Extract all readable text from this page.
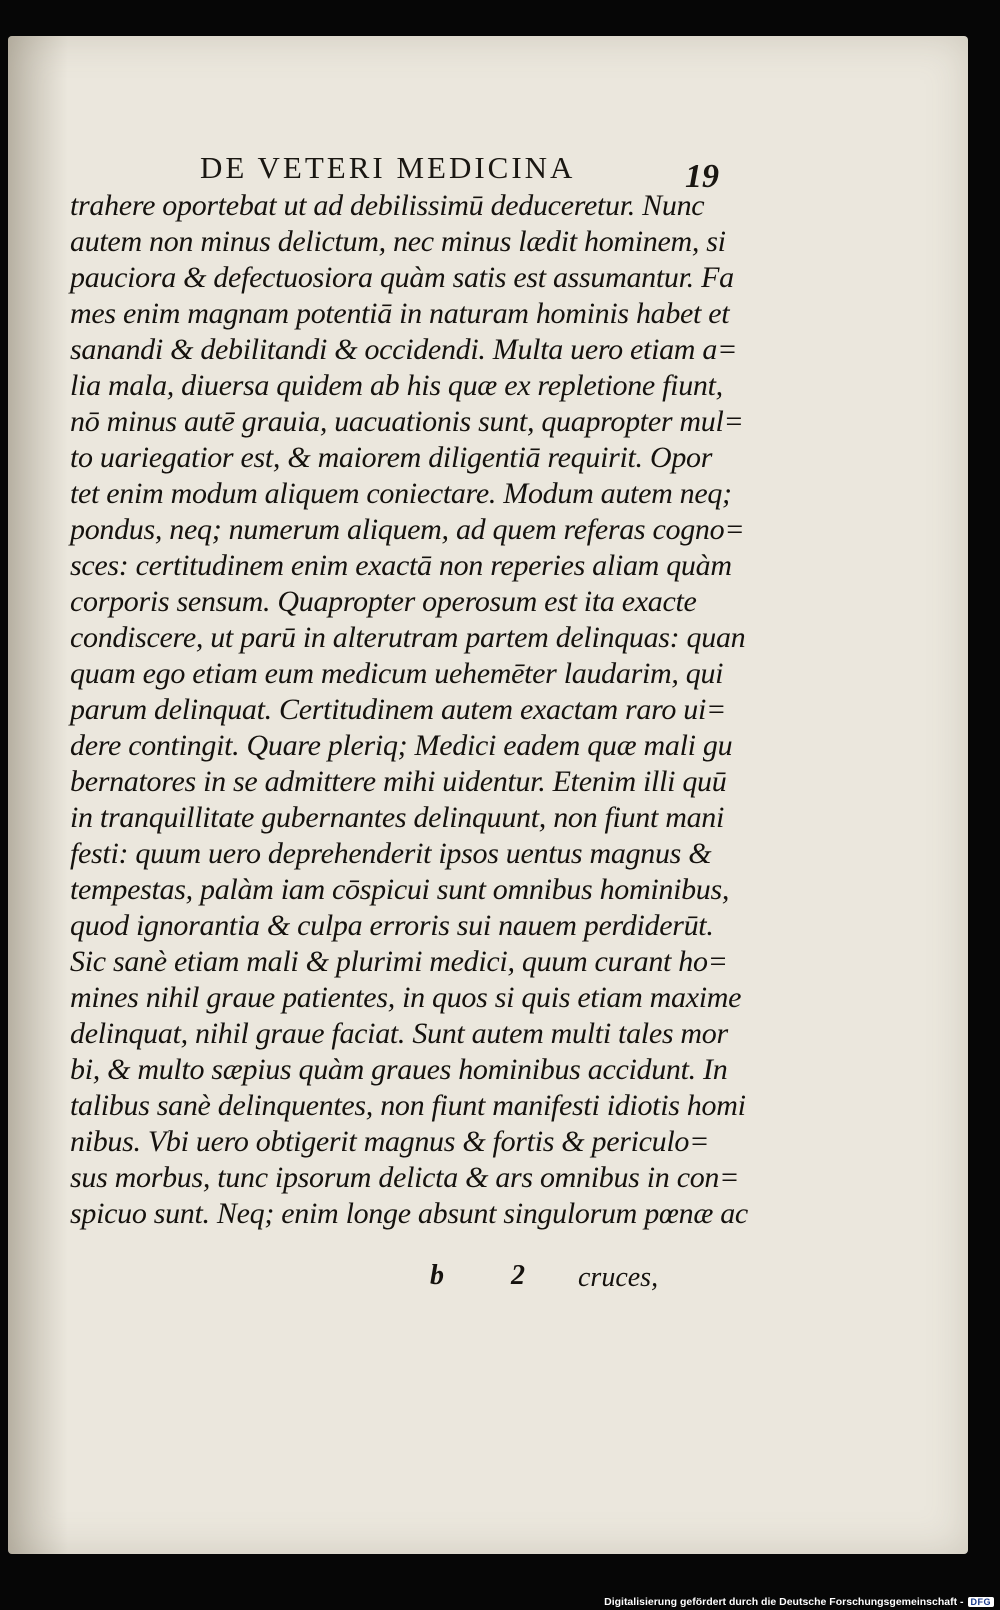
DE VETERI MEDICINA	19
trahere oportebat ut ad debilissimū deduceretur. Nunc
autem non minus delictum, nec minus lædit hominem, si
pauciora & defectuosiora quàm satis est assumantur. Fa
mes enim magnam potentiā in naturam hominis habet et
sanandi & debilitandi & occidendi. Multa uero etiam a=
lia mala, diuersa quidem ab his quæ ex repletione fiunt,
nō minus autē grauia, uacuationis sunt, quapropter mul=
to uariegatior est, & maiorem diligentiā requirit. Opor
tet enim modum aliquem coniectare. Modum autem neq;
pondus, neq; numerum aliquem, ad quem referas cogno=
sces: certitudinem enim exactā non reperies aliam quàm
corporis sensum. Quapropter operosum est ita exacte
condiscere, ut parū in alterutram partem delinquas: quan
quam ego etiam eum medicum uehemēter laudarim, qui
parum delinquat. Certitudinem autem exactam raro ui=
dere contingit. Quare pleriq; Medici eadem quæ mali gu
bernatores in se admittere mihi uidentur. Etenim illi quū
in tranquillitate gubernantes delinquunt, non fiunt mani
festi: quum uero deprehenderit ipsos uentus magnus &
tempestas, palàm iam cōspicui sunt omnibus hominibus,
quod ignorantia & culpa erroris sui nauem perdiderūt.
Sic sanè etiam mali & plurimi medici, quum curant ho=
mines nihil graue patientes, in quos si quis etiam maxime
delinquat, nihil graue faciat. Sunt autem multi tales mor
bi, & multo sæpius quàm graues hominibus accidunt. In
talibus sanè delinquentes, non fiunt manifesti idiotis homi
nibus. Vbi uero obtigerit magnus & fortis & periculo=
sus morbus, tunc ipsorum delicta & ars omnibus in con=
spicuo sunt. Neq; enim longe absunt singulorum pœnæ ac
b 2 cruces,
Digitalisierung gefördert durch die Deutsche Forschungsgemeinschaft - DFG
